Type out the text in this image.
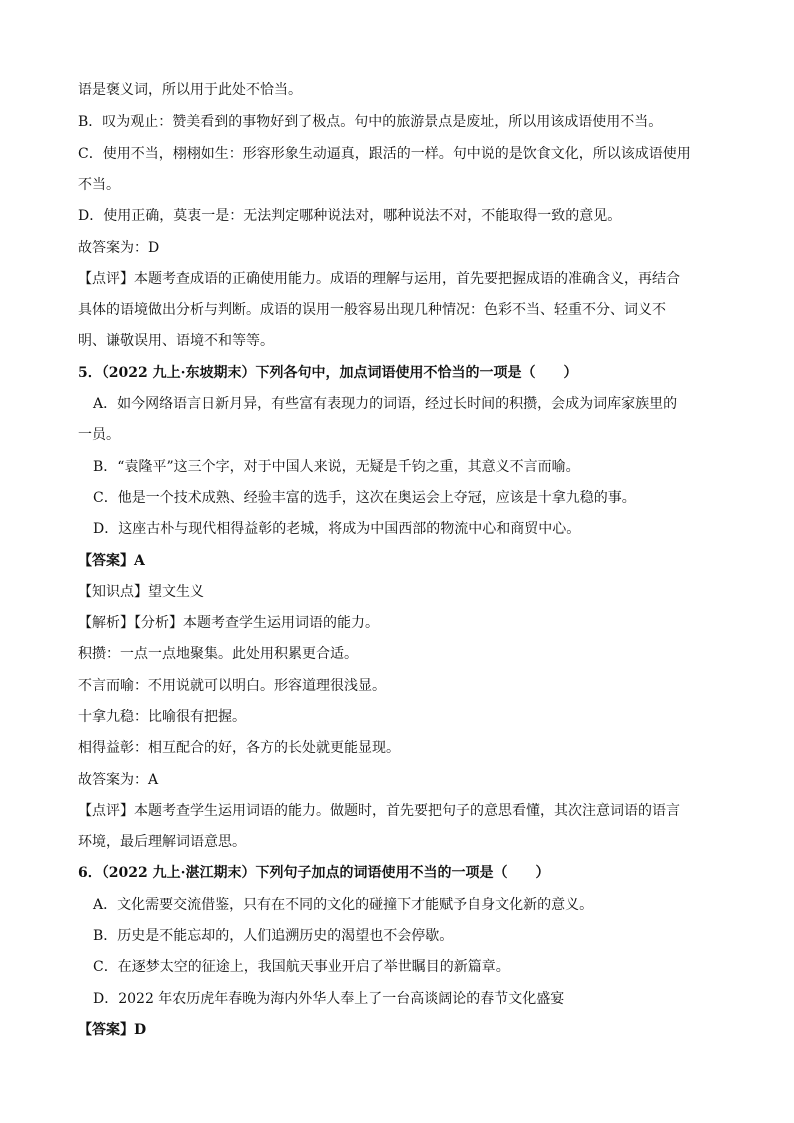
语是褒义词，所以用于此处不恰当。
B．叹为观止：赞美看到的事物好到了极点。句中的旅游景点是废址，所以用该成语使用不当。
C．使用不当，栩栩如生：形容形象生动逼真，跟活的一样。句中说的是饮食文化，所以该成语使用
不当。
D．使用正确，莫衷一是：无法判定哪种说法对，哪种说法不对，不能取得一致的意见。
故答案为：D
【点评】本题考查成语的正确使用能力。成语的理解与运用，首先要把握成语的准确含义，再结合
具体的语境做出分析与判断。成语的误用一般容易出现几种情况：色彩不当、轻重不分、词义不
明、谦敬误用、语境不和等等。
5．（2022 九上·东坡期末）下列各句中，加点词语使用不恰当的一项是（　　）
A．如今网络语言日新月异，有些富有表现力的词语，经过长时间的积攒，会成为词库家族里的
一员。
B．“袁隆平”这三个字，对于中国人来说，无疑是千钧之重，其意义不言而喻。
C．他是一个技术成熟、经验丰富的选手，这次在奥运会上夺冠，应该是十拿九稳的事。
D．这座古朴与现代相得益彰的老城，将成为中国西部的物流中心和商贸中心。
【答案】A
【知识点】望文生义
【解析】【分析】本题考查学生运用词语的能力。
积攒：一点一点地聚集。此处用积累更合适。
不言而喻：不用说就可以明白。形容道理很浅显。
十拿九稳：比喻很有把握。
相得益彰：相互配合的好，各方的长处就更能显现。
故答案为：A
【点评】本题考查学生运用词语的能力。做题时，首先要把句子的意思看懂，其次注意词语的语言
环境，最后理解词语意思。
6．（2022 九上·湛江期末）下列句子加点的词语使用不当的一项是（　　）
A．文化需要交流借鉴，只有在不同的文化的碰撞下才能赋予自身文化新的意义。
B．历史是不能忘却的，人们追溯历史的渴望也不会停歇。
C．在逐梦太空的征途上，我国航天事业开启了举世瞩目的新篇章。
D．2022 年农历虎年春晚为海内外华人奉上了一台高谈阔论的春节文化盛宴
【答案】D
